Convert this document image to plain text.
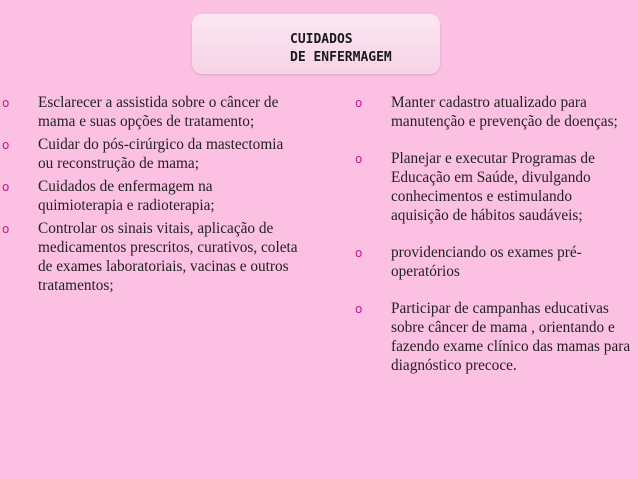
CUIDADOS
DE ENFERMAGEM
o Esclarecer a assistida sobre o câncer de mama e suas opções de tratamento;
o Cuidar do pós-cirúrgico da mastectomia ou reconstrução de mama;
o Cuidados de enfermagem na quimioterapia e radioterapia;
o Controlar os sinais vitais, aplicação de medicamentos prescritos, curativos, coleta de exames laboratoriais, vacinas e outros tratamentos;
o Manter cadastro atualizado para manutenção e prevenção de doenças;
o Planejar e executar Programas de Educação em Saúde, divulgando conhecimentos e estimulando aquisição de hábitos saudáveis;
o providenciando os exames pré-operatórios
o Participar de campanhas educativas sobre câncer de mama , orientando e fazendo exame clínico das mamas para diagnóstico precoce.
